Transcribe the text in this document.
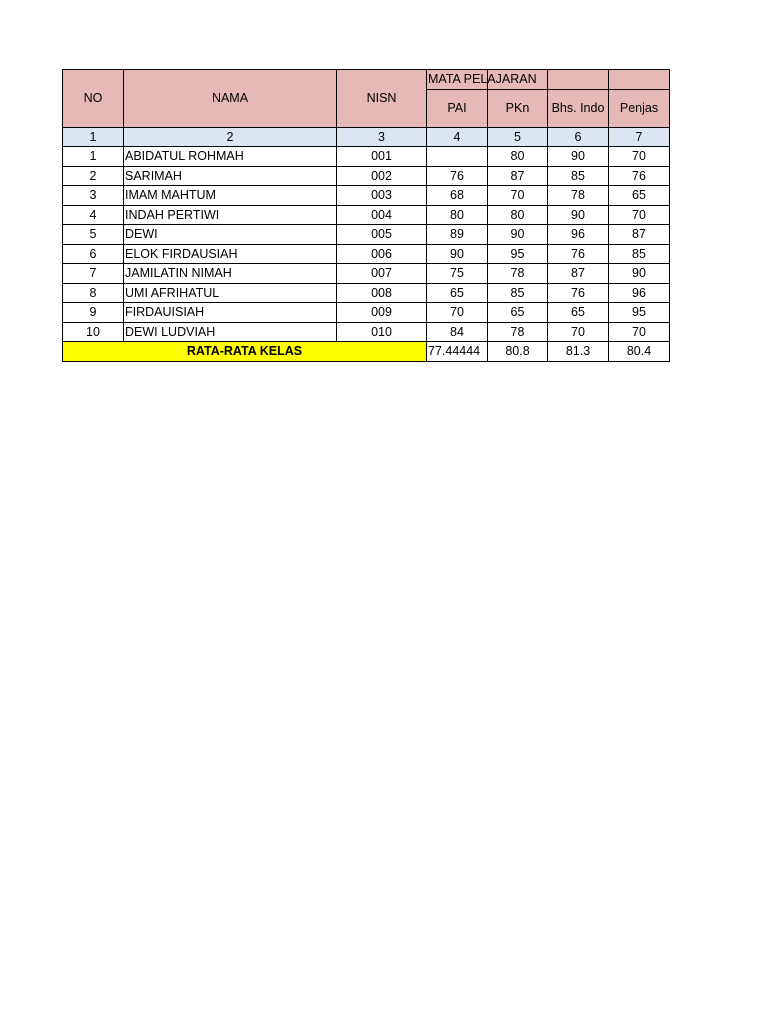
NO	NAMA	NISN	MATA PELAJARAN			

			PAI	PKn	Bhs. Indo	Penjas
1	2	3	4	5	6	7
1	ABIDATUL ROHMAH	001		80	90	70
2	SARIMAH	002	76	87	85	76
3	IMAM MAHTUM	003	68	70	78	65
4	INDAH PERTIWI	004	80	80	90	70
5	DEWI	005	89	90	96	87
6	ELOK FIRDAUSIAH	006	90	95	76	85
7	JAMILATIN NIMAH	007	75	78	87	90
8	UMI AFRIHATUL	008	65	85	76	96
9	FIRDAUISIAH	009	70	65	65	95
10	DEWI LUDVIAH	010	84	78	70	70
RATA-RATA KELAS			77.44444	80.8	81.3	80.4
